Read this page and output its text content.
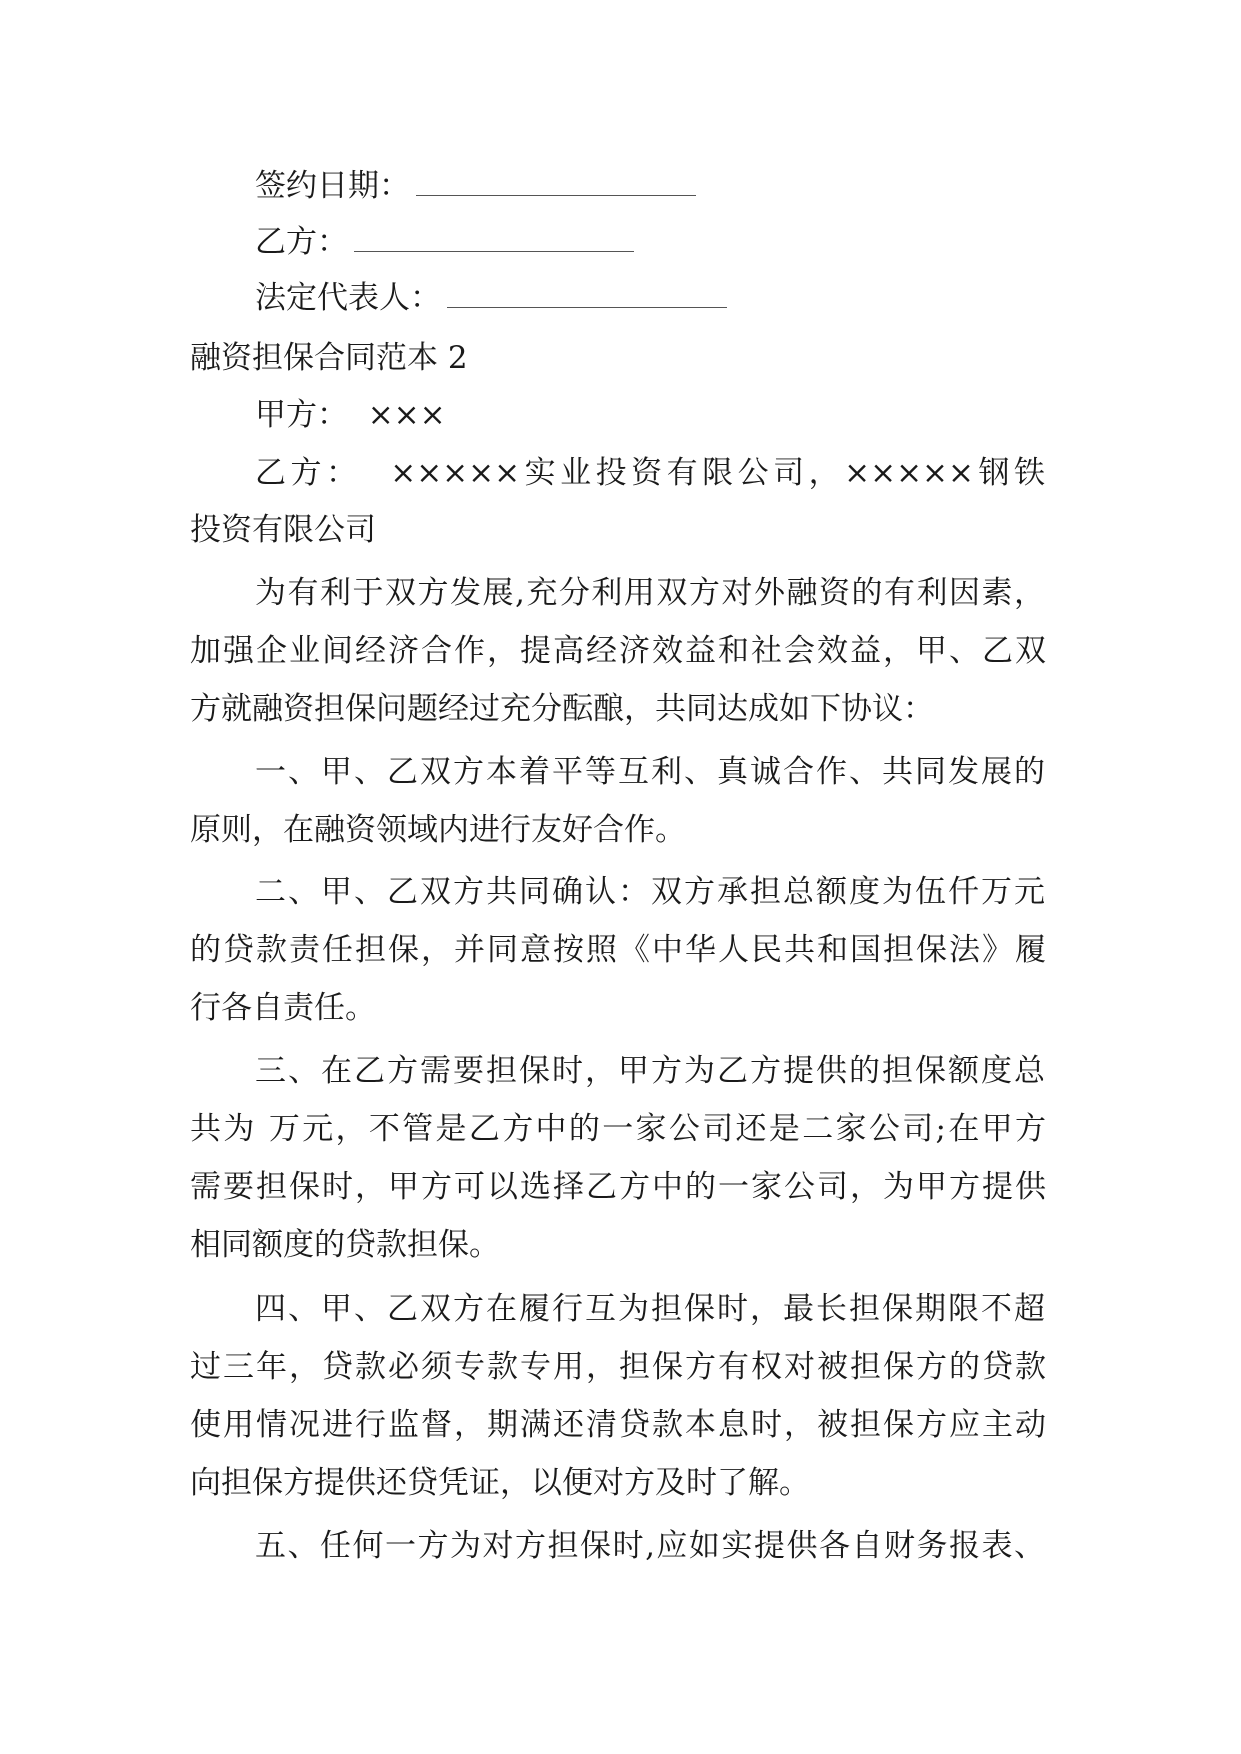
签约日期：
乙方：
法定代表人：
融资担保合同范本 2
甲方：  ×××
乙方：  ×××××实业投资有限公司，×××××钢铁
投资有限公司
为有利于双方发展,充分利用双方对外融资的有利因素，
加强企业间经济合作，提高经济效益和社会效益，甲、乙双
方就融资担保问题经过充分酝酿，共同达成如下协议：
一、甲、乙双方本着平等互利、真诚合作、共同发展的
原则，在融资领域内进行友好合作。
二、甲、乙双方共同确认：双方承担总额度为伍仟万元
的贷款责任担保，并同意按照《中华人民共和国担保法》履
行各自责任。
三、在乙方需要担保时，甲方为乙方提供的担保额度总
共为 万元，不管是乙方中的一家公司还是二家公司;在甲方
需要担保时，甲方可以选择乙方中的一家公司，为甲方提供
相同额度的贷款担保。
四、甲、乙双方在履行互为担保时，最长担保期限不超
过三年，贷款必须专款专用，担保方有权对被担保方的贷款
使用情况进行监督，期满还清贷款本息时，被担保方应主动
向担保方提供还贷凭证，以便对方及时了解。
五、任何一方为对方担保时,应如实提供各自财务报表、
